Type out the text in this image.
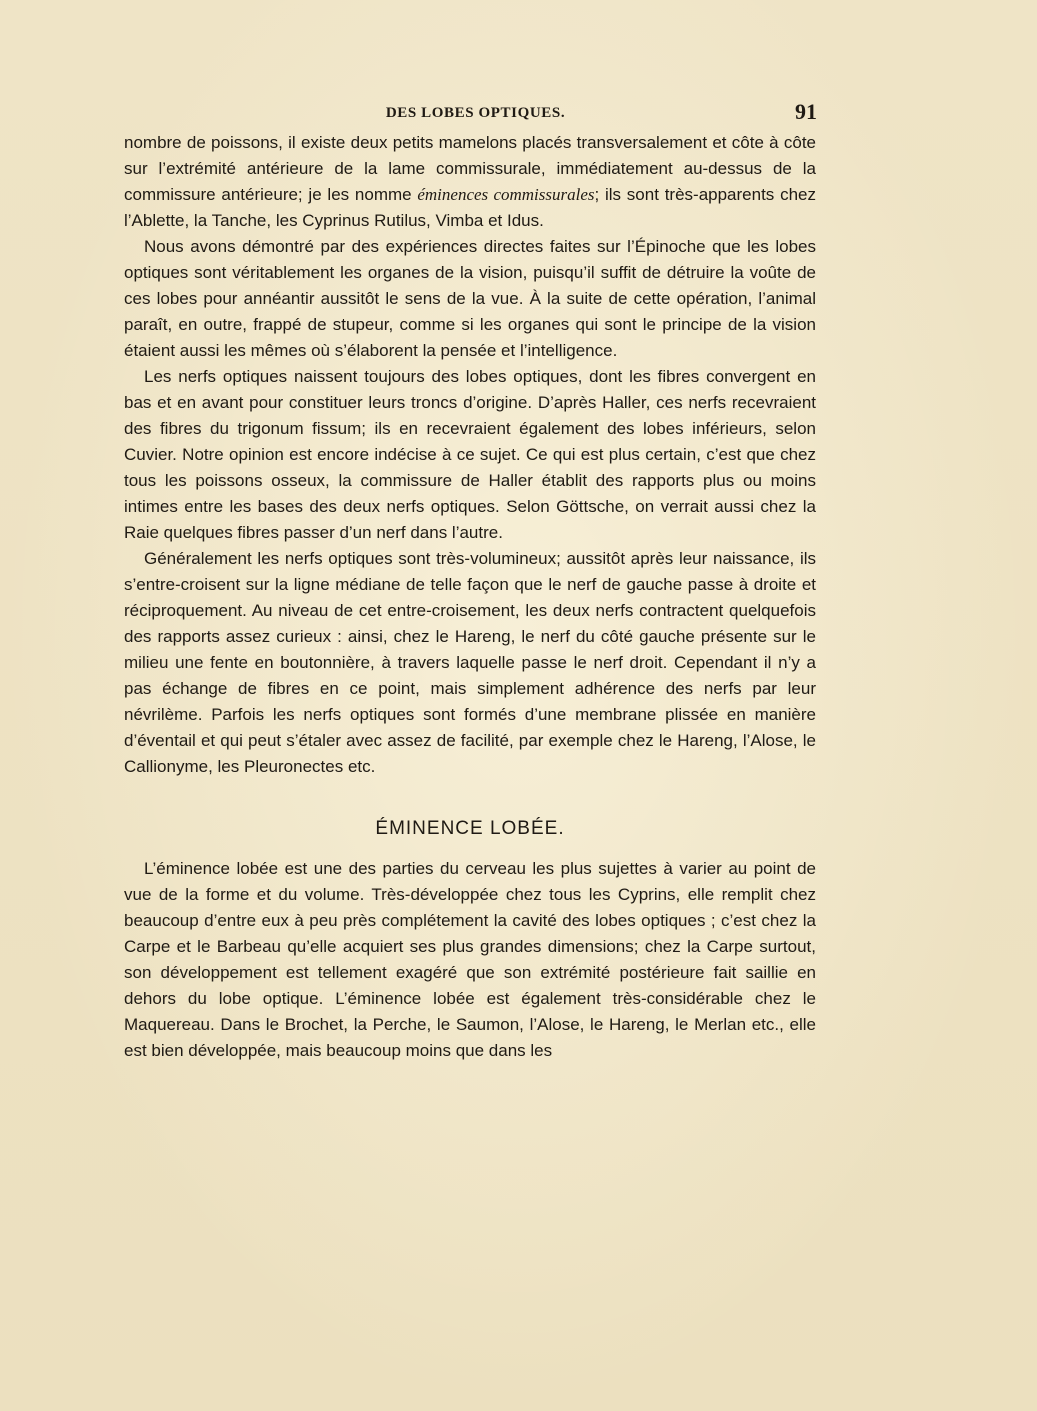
DES LOBES OPTIQUES.	91

nombre de poissons, il existe deux petits mamelons placés transversalement et côte à côte sur l’extrémité antérieure de la lame commissurale, immédiatement au-dessus de la commissure antérieure; je les nomme éminences commissurales; ils sont très-apparents chez l’Ablette, la Tanche, les Cyprinus Rutilus, Vimba et Idus.

Nous avons démontré par des expériences directes faites sur l’Épinoche que les lobes optiques sont véritablement les organes de la vision, puisqu’il suffit de détruire la voûte de ces lobes pour annéantir aussitôt le sens de la vue. À la suite de cette opération, l’animal paraît, en outre, frappé de stupeur, comme si les organes qui sont le principe de la vision étaient aussi les mêmes où s’élaborent la pensée et l’intelligence.

Les nerfs optiques naissent toujours des lobes optiques, dont les fibres convergent en bas et en avant pour constituer leurs troncs d’origine. D’après Haller, ces nerfs recevraient des fibres du trigonum fissum; ils en recevraient également des lobes inférieurs, selon Cuvier. Notre opinion est encore indécise à ce sujet. Ce qui est plus certain, c’est que chez tous les poissons osseux, la commissure de Haller établit des rapports plus ou moins intimes entre les bases des deux nerfs optiques. Selon Göttsche, on verrait aussi chez la Raie quelques fibres passer d’un nerf dans l’autre.

Généralement les nerfs optiques sont très-volumineux; aussitôt après leur naissance, ils s’entre-croisent sur la ligne médiane de telle façon que le nerf de gauche passe à droite et réciproquement. Au niveau de cet entre-croisement, les deux nerfs contractent quelquefois des rapports assez curieux : ainsi, chez le Hareng, le nerf du côté gauche présente sur le milieu une fente en boutonnière, à travers laquelle passe le nerf droit. Cependant il n’y a pas échange de fibres en ce point, mais simplement adhérence des nerfs par leur névrilème. Parfois les nerfs optiques sont formés d’une membrane plissée en manière d’éventail et qui peut s’étaler avec assez de facilité, par exemple chez le Hareng, l’Alose, le Callionyme, les Pleuronectes etc.

ÉMINENCE LOBÉE.

L’éminence lobée est une des parties du cerveau les plus sujettes à varier au point de vue de la forme et du volume. Très-développée chez tous les Cyprins, elle remplit chez beaucoup d’entre eux à peu près complétement la cavité des lobes optiques ; c’est chez la Carpe et le Barbeau qu’elle acquiert ses plus grandes dimensions; chez la Carpe surtout, son développement est tellement exagéré que son extrémité postérieure fait saillie en dehors du lobe optique. L’éminence lobée est également très-considérable chez le Maquereau. Dans le Brochet, la Perche, le Saumon, l’Alose, le Hareng, le Merlan etc., elle est bien développée, mais beaucoup moins que dans les
